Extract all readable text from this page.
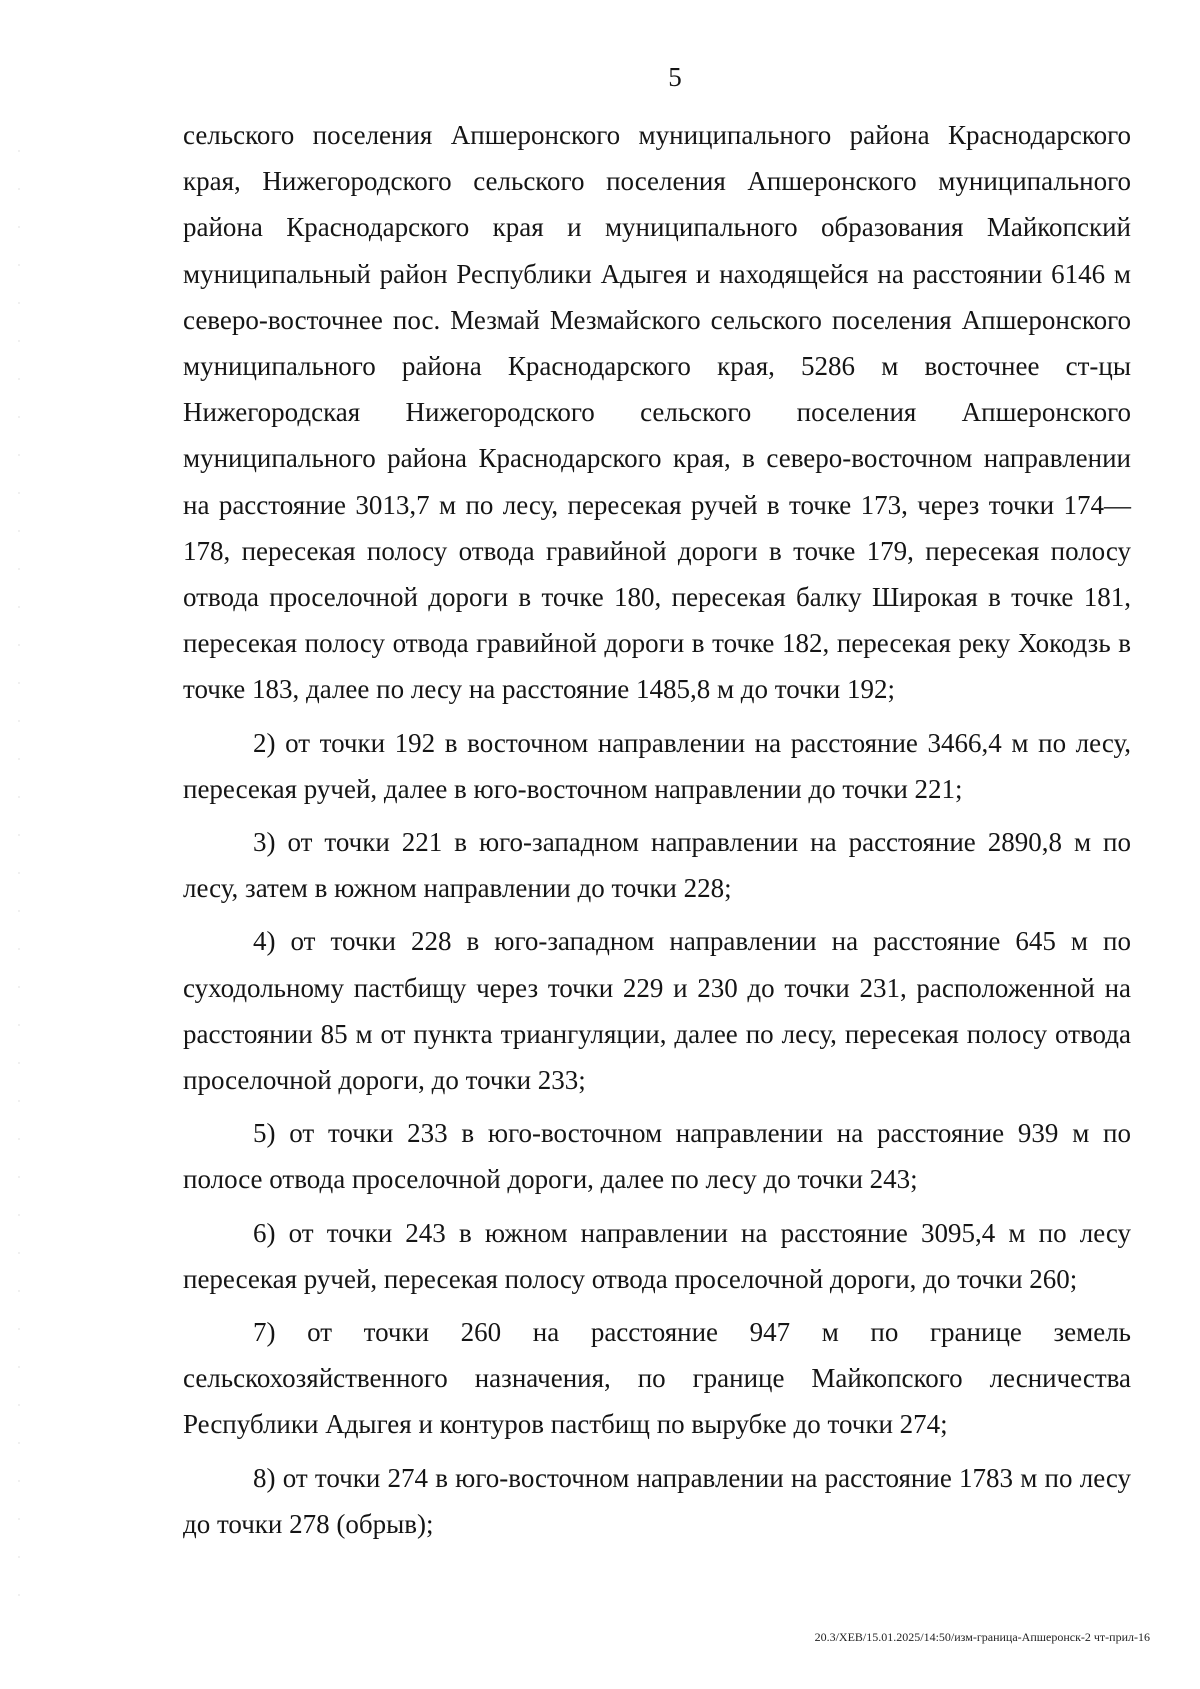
5

сельского поселения Апшеронского муниципального района Краснодарского края, Нижегородского сельского поселения Апшеронского муниципального района Краснодарского края и муниципального образования Майкопский муниципальный район Республики Адыгея и находящейся на расстоянии 6146 м северо-восточнее пос. Мезмай Мезмайского сельского поселения Апшеронского муниципального района Краснодарского края, 5286 м восточнее ст-цы Нижегородская Нижегородского сельского поселения Апшеронского муниципального района Краснодарского края, в северо-восточном направлении на расстояние 3013,7 м по лесу, пересекая ручей в точке 173, через точки 174—178, пересекая полосу отвода гравийной дороги в точке 179, пересекая полосу отвода проселочной дороги в точке 180, пересекая балку Широкая в точке 181, пересекая полосу отвода гравийной дороги в точке 182, пересекая реку Хокодзь в точке 183, далее по лесу на расстояние 1485,8 м до точки 192;

2) от точки 192 в восточном направлении на расстояние 3466,4 м по лесу, пересекая ручей, далее в юго-восточном направлении до точки 221;

3) от точки 221 в юго-западном направлении на расстояние 2890,8 м по лесу, затем в южном направлении до точки 228;

4) от точки 228 в юго-западном направлении на расстояние 645 м по суходольному пастбищу через точки 229 и 230 до точки 231, расположенной на расстоянии 85 м от пункта триангуляции, далее по лесу, пересекая полосу отвода проселочной дороги, до точки 233;

5) от точки 233 в юго-восточном направлении на расстояние 939 м по полосе отвода проселочной дороги, далее по лесу до точки 243;

6) от точки 243 в южном направлении на расстояние 3095,4 м по лесу пересекая ручей, пересекая полосу отвода проселочной дороги, до точки 260;

7) от точки 260 на расстояние 947 м по границе земель сельскохозяйственного назначения, по границе Майкопского лесничества Республики Адыгея и контуров пастбищ по вырубке до точки 274;

8) от точки 274 в юго-восточном направлении на расстояние 1783 м по лесу до точки 278 (обрыв);

20.3/ХЕВ/15.01.2025/14:50/изм-граница-Апшеронск-2 чт-прил-16
